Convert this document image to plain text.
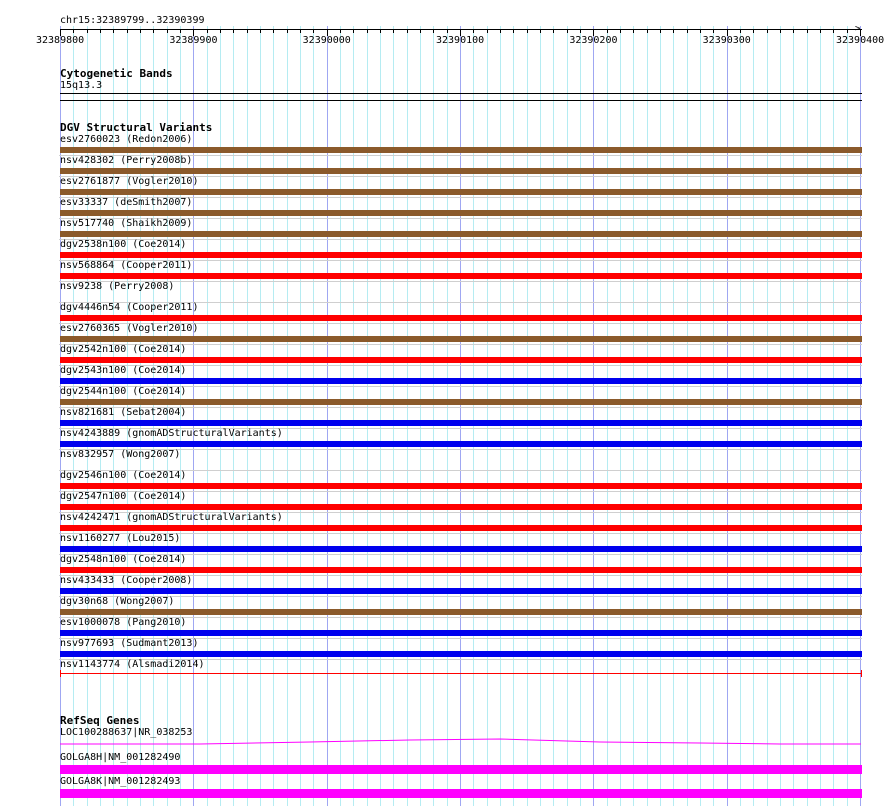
chr15:32389799..32390399
>
32389800	32389900	32390000	32390100	32390200	32390300	32390400
Cytogenetic Bands
15q13.3
DGV Structural Variants
esv2760023 (Redon2006)
nsv428302 (Perry2008b)
esv2761877 (Vogler2010)
esv33337 (deSmith2007)
nsv517740 (Shaikh2009)
dgv2538n100 (Coe2014)
nsv568864 (Cooper2011)
nsv9238 (Perry2008)
dgv4446n54 (Cooper2011)
esv2760365 (Vogler2010)
dgv2542n100 (Coe2014)
dgv2543n100 (Coe2014)
dgv2544n100 (Coe2014)
nsv821681 (Sebat2004)
nsv4243889 (gnomADStructuralVariants)
nsv832957 (Wong2007)
dgv2546n100 (Coe2014)
dgv2547n100 (Coe2014)
nsv4242471 (gnomADStructuralVariants)
nsv1160277 (Lou2015)
dgv2548n100 (Coe2014)
nsv433433 (Cooper2008)
dgv30n68 (Wong2007)
esv1000078 (Pang2010)
nsv977693 (Sudmant2013)
nsv1143774 (Alsmadi2014)
RefSeq Genes
LOC100288637|NR_038253
GOLGA8H|NM_001282490
GOLGA8K|NM_001282493
